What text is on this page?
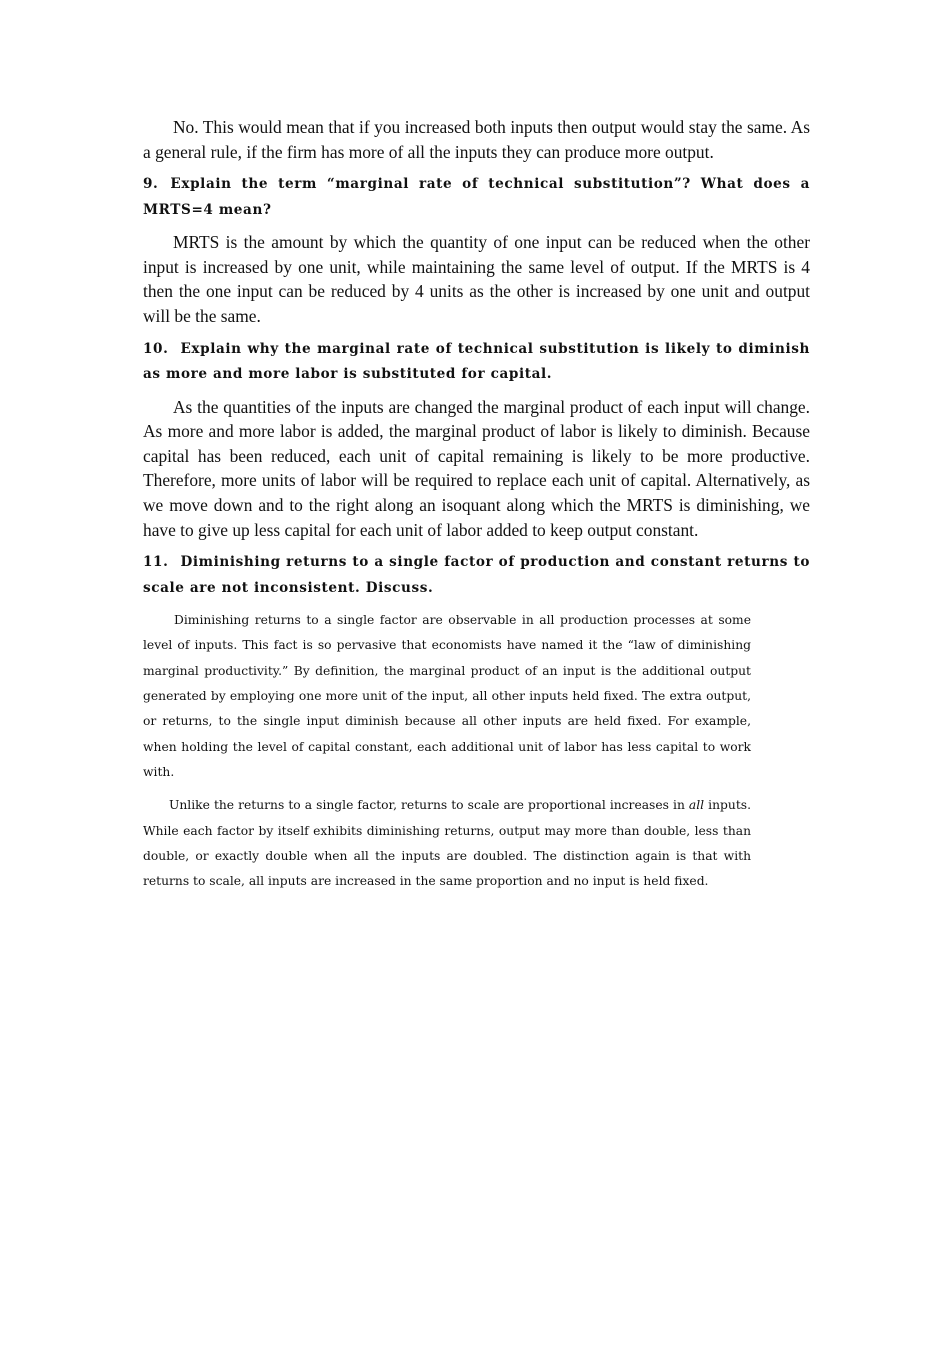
No. This would mean that if you increased both inputs then output would stay the same. As a general rule, if the firm has more of all the inputs they can produce more output.

9. Explain the term “marginal rate of technical substitution”? What does a MRTS=4 mean?

MRTS is the amount by which the quantity of one input can be reduced when the other input is increased by one unit, while maintaining the same level of output. If the MRTS is 4 then the one input can be reduced by 4 units as the other is increased by one unit and output will be the same.

10. Explain why the marginal rate of technical substitution is likely to diminish as more and more labor is substituted for capital.

As the quantities of the inputs are changed the marginal product of each input will change. As more and more labor is added, the marginal product of labor is likely to diminish. Because capital has been reduced, each unit of capital remaining is likely to be more productive. Therefore, more units of labor will be required to replace each unit of capital. Alternatively, as we move down and to the right along an isoquant along which the MRTS is diminishing, we have to give up less capital for each unit of labor added to keep output constant.

11. Diminishing returns to a single factor of production and constant returns to scale are not inconsistent. Discuss.

Diminishing returns to a single factor are observable in all production processes at some level of inputs. This fact is so pervasive that economists have named it the “law of diminishing marginal productivity.” By definition, the marginal product of an input is the additional output generated by employing one more unit of the input, all other inputs held fixed. The extra output, or returns, to the single input diminish because all other inputs are held fixed. For example, when holding the level of capital constant, each additional unit of labor has less capital to work with.

Unlike the returns to a single factor, returns to scale are proportional increases in all inputs. While each factor by itself exhibits diminishing returns, output may more than double, less than double, or exactly double when all the inputs are doubled. The distinction again is that with returns to scale, all inputs are increased in the same proportion and no input is held fixed.
